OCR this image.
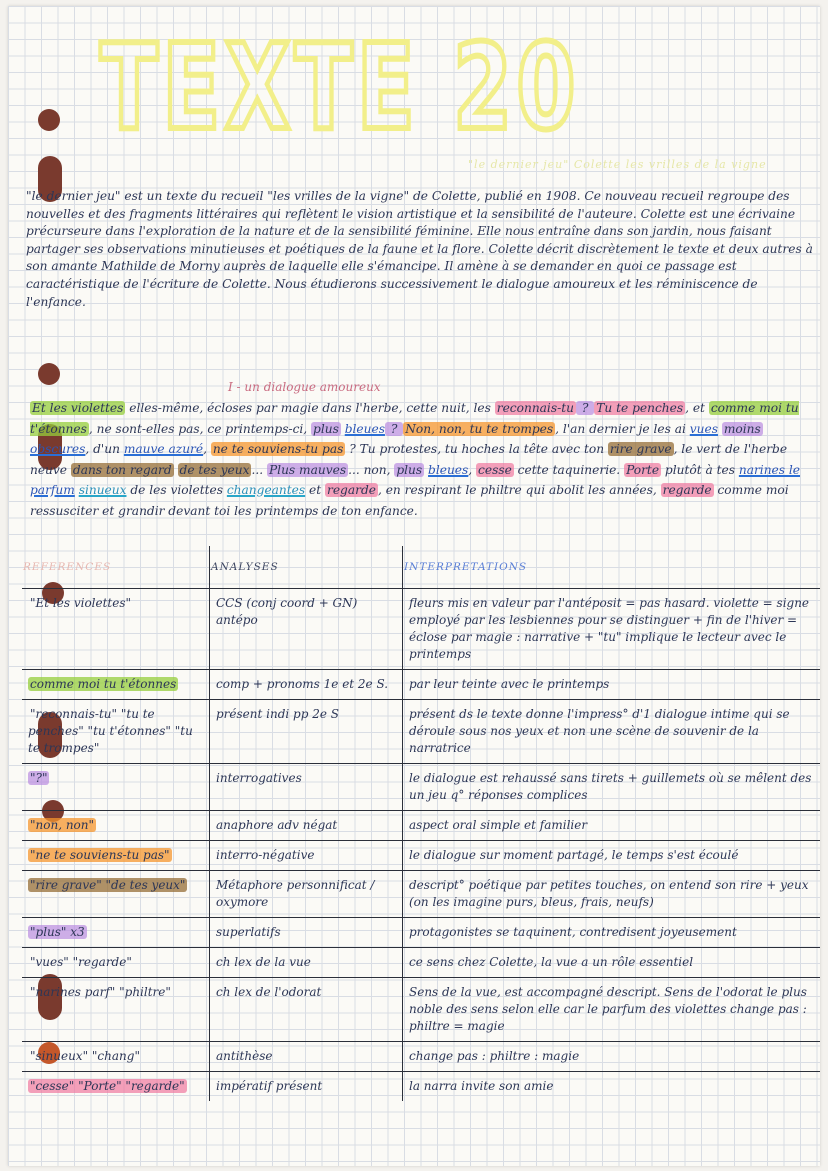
TEXTE 20
"le dernier jeu" Colette les vrilles de la vigne
"le dernier jeu" est un texte du recueil "les vrilles de la vigne" de Colette, publié en 1908. Ce nouveau recueil regroupe des nouvelles et des fragments littéraires qui reflètent le vision artistique et la sensibilité de l'auteure. Colette est une écrivaine précurseure dans l'exploration de la nature et de la sensibilité féminine. Elle nous entraîne dans son jardin, nous faisant partager ses observations minutieuses et poétiques de la faune et la flore. Colette décrit discrètement le texte et deux autres à son amante Mathilde de Morny auprès de laquelle elle s'émancipe. Il amène à se demander en quoi ce passage est caractéristique de l'écriture de Colette. Nous étudierons successivement le dialogue amoureux et les réminiscence de l'enfance.
I - un dialogue amoureux

Et les violettes elles-même, écloses par magie dans l'herbe, cette nuit, les reconnais-tu ? Tu te penches , et comme moi tu t'étonnes , ne sont-elles pas, ce printemps-ci, plus bleues ? Non, non, tu te trompes , l'an dernier je les ai vues moins obscures, d'un mauve azuré, ne te souviens-tu pas ? Tu protestes, tu hoches la tête avec ton rire grave , le vert de l'herbe neuve dans ton regard de tes yeux ... Plus mauves ... non, plus bleues, cesse cette taquinerie. Porte plutôt à tes narines le parfum sinueux de les violettes changeantes et regarde , en respirant le philtre qui abolit les années, regarde comme moi ressusciter et grandir devant toi les printemps de ton enfance.

REFERENCES	ANALYSES	INTERPRETATIONS
"Et les violettes"	CCS (conj coord + GN) antépo	fleurs mis en valeur par l'antéposit = pas hasard. violette = signe employé par les lesbiennes pour se distinguer + fin de l'hiver = éclose par magie : narrative + "tu" implique le lecteur avec le printemps
comme moi tu t'étonnes	comp + pronoms 1e et 2e S.	par leur teinte avec le printemps
"reconnais-tu" "tu te penches" "tu t'étonnes" "tu te trompes"	présent indi pp 2e S	présent ds le texte donne l'impress° d'1 dialogue intime qui se déroule sous nos yeux et non une scène de souvenir de la narratrice
"?"	interrogatives	le dialogue est rehaussé sans tirets + guillemets où se mêlent des un jeu q° réponses complices
"non, non"	anaphore adv négat	aspect oral simple et familier
"ne te souviens-tu pas"	interro-négative	le dialogue sur moment partagé, le temps s'est écoulé
"rire grave" "de tes yeux"	Métaphore personnificat / oxymore	descript° poétique par petites touches, on entend son rire + yeux (on les imagine purs, bleus, frais, neufs)
"plus" x3	superlatifs	protagonistes se taquinent, contredisent joyeusement
"vues" "regarde"	ch lex de la vue	ce sens chez Colette, la vue a un rôle essentiel
"narines parf" "philtre"	ch lex de l'odorat	Sens de la vue, est accompagné descript. Sens de l'odorat le plus noble des sens selon elle car le parfum des violettes change pas : philtre = magie
"sinueux" "chang"	antithèse	change pas : philtre : magie
"cesse" "Porte" "regarde"	impératif présent	la narra invite son amie
